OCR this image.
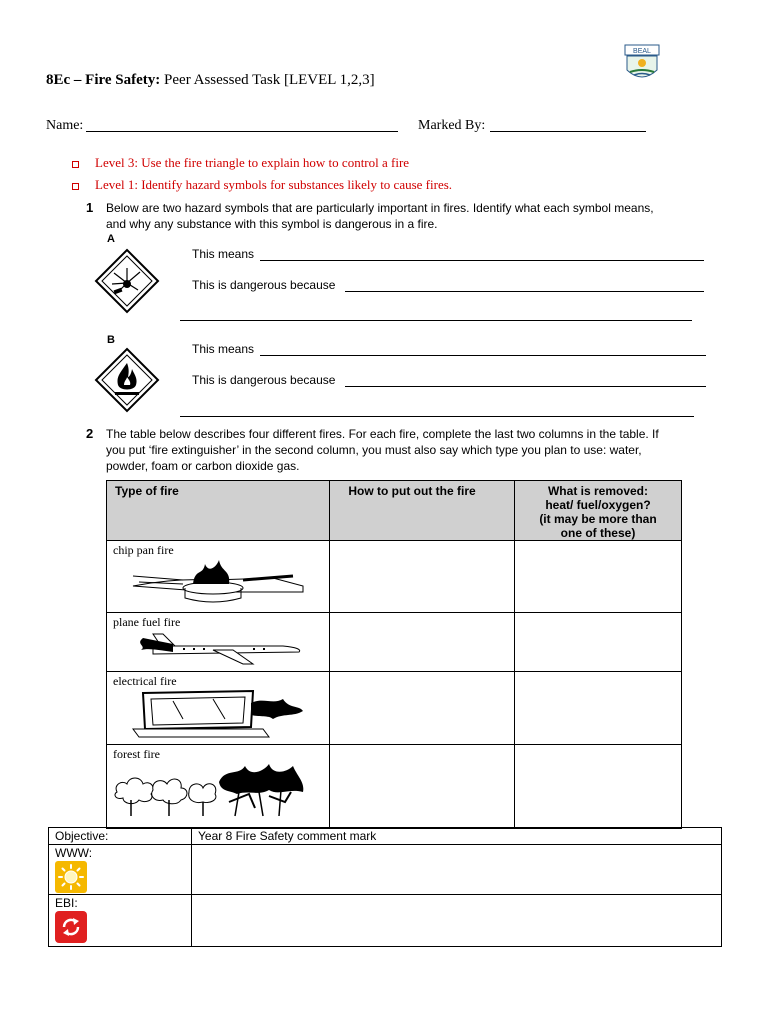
8Ec – Fire Safety: Peer Assessed Task [LEVEL 1,2,3]
BEAL
Name:	Marked By:
Level 3: Use the fire triangle to explain how to control a fire
Level 1: Identify hazard symbols for substances likely to cause fires.
1 Below are two hazard symbols that are particularly important in fires. Identify what each symbol means, and why any substance with this symbol is dangerous in a fire.
A
This means
This is dangerous because
B
This means
This is dangerous because
2 The table below describes four different fires. For each fire, complete the last two columns in the table. If you put ‘fire extinguisher’ in the second column, you must also say which type you plan to use: water, powder, foam or carbon dioxide gas.
Type of fire	How to put out the fire	What is removed: heat/ fuel/oxygen? (it may be more than one of these)

chip pan fire		

plane fuel fire		

electrical fire		

forest fire		

Objective:	Year 8 Fire Safety comment mark

WWW:	

EBI:	
